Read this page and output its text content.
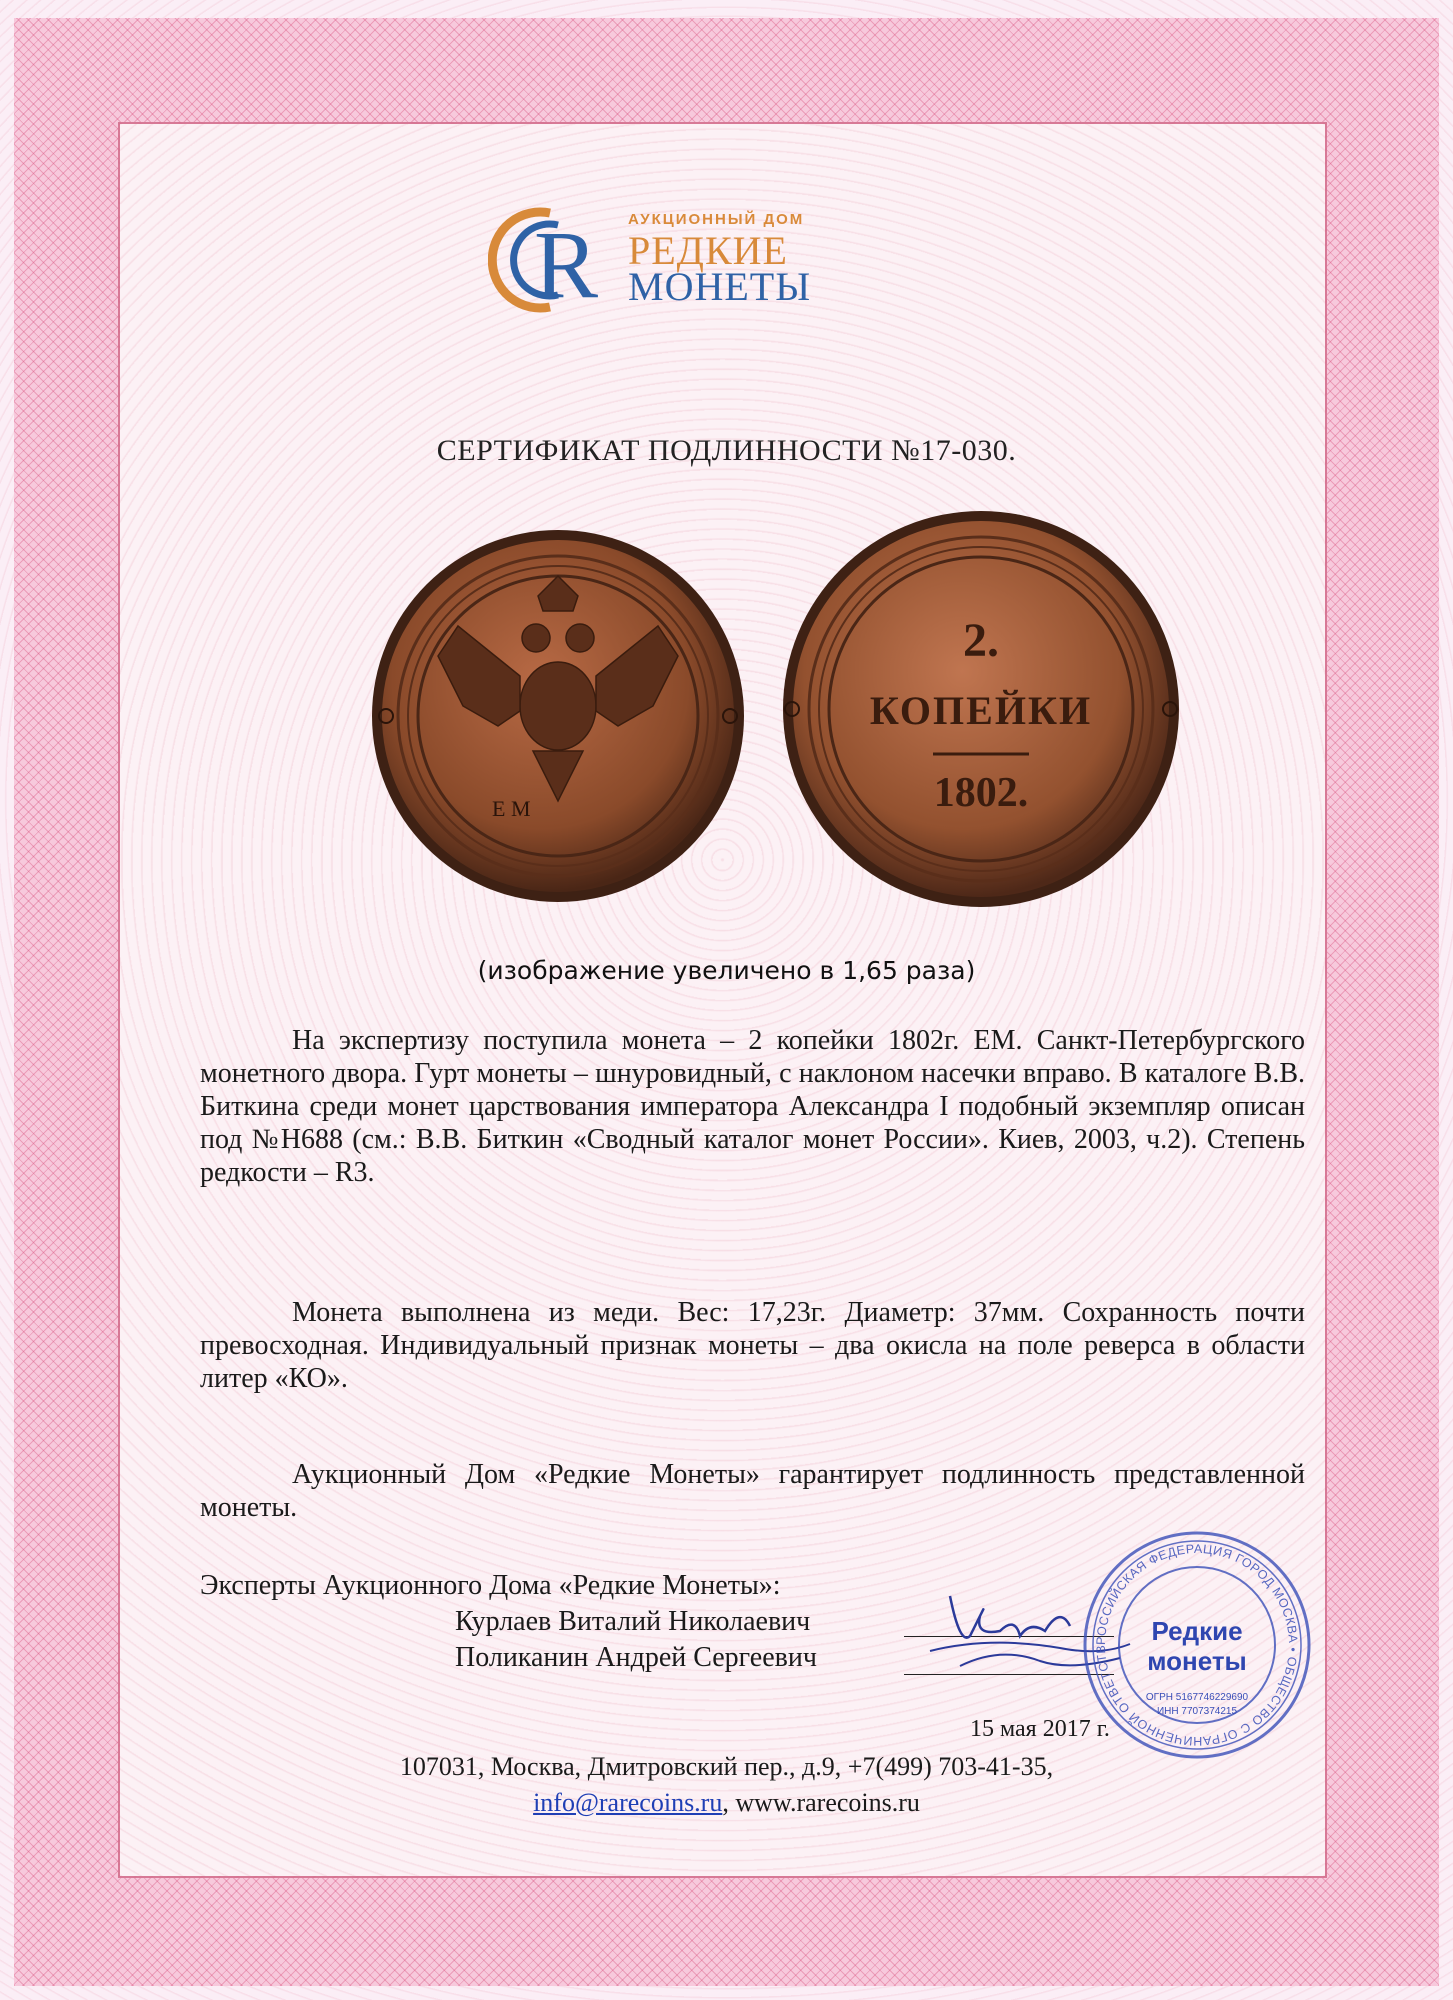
R АУКЦИОННЫЙ ДОМ
РЕДКИЕ
МОНЕТЫ
СЕРТИФИКАТ ПОДЛИННОСТИ №17-030.
Е М
2.
КОПЕЙКИ
1802.
(изображение увеличено в 1,65 раза)

На экспертизу поступила монета – 2 копейки 1802г. ЕМ. Санкт-Петербургского монетного двора. Гурт монеты – шнуровидный, с наклоном насечки вправо. В каталоге В.В. Биткина среди монет царствования императора Александра I подобный экземпляр описан под №Н688 (см.: В.В. Биткин «Сводный каталог монет России». Киев, 2003, ч.2). Степень редкости – R3.

Монета выполнена из меди. Вес: 17,23г. Диаметр: 37мм. Сохранность почти превосходная. Индивидуальный признак монеты – два окисла на поле реверса в области литер «КО».

Аукционный Дом «Редкие Монеты» гарантирует подлинность представленной монеты.

Эксперты Аукционного Дома «Редкие Монеты»:
Курлаев Виталий Николаевич
Поликанин Андрей Сергеевич
РОССИЙСКАЯ ФЕДЕРАЦИЯ ГОРОД МОСКВА • ОБЩЕСТВО С ОГРАНИЧЕННОЙ ОТВЕТСТВ
Редкие
монеты
ОГРН 5167746229690
ИНН 7707374215
15 мая 2017 г.
107031, Москва, Дмитровский пер., д.9, +7(499) 703-41-35,
info@rarecoins.ru, www.rarecoins.ru
